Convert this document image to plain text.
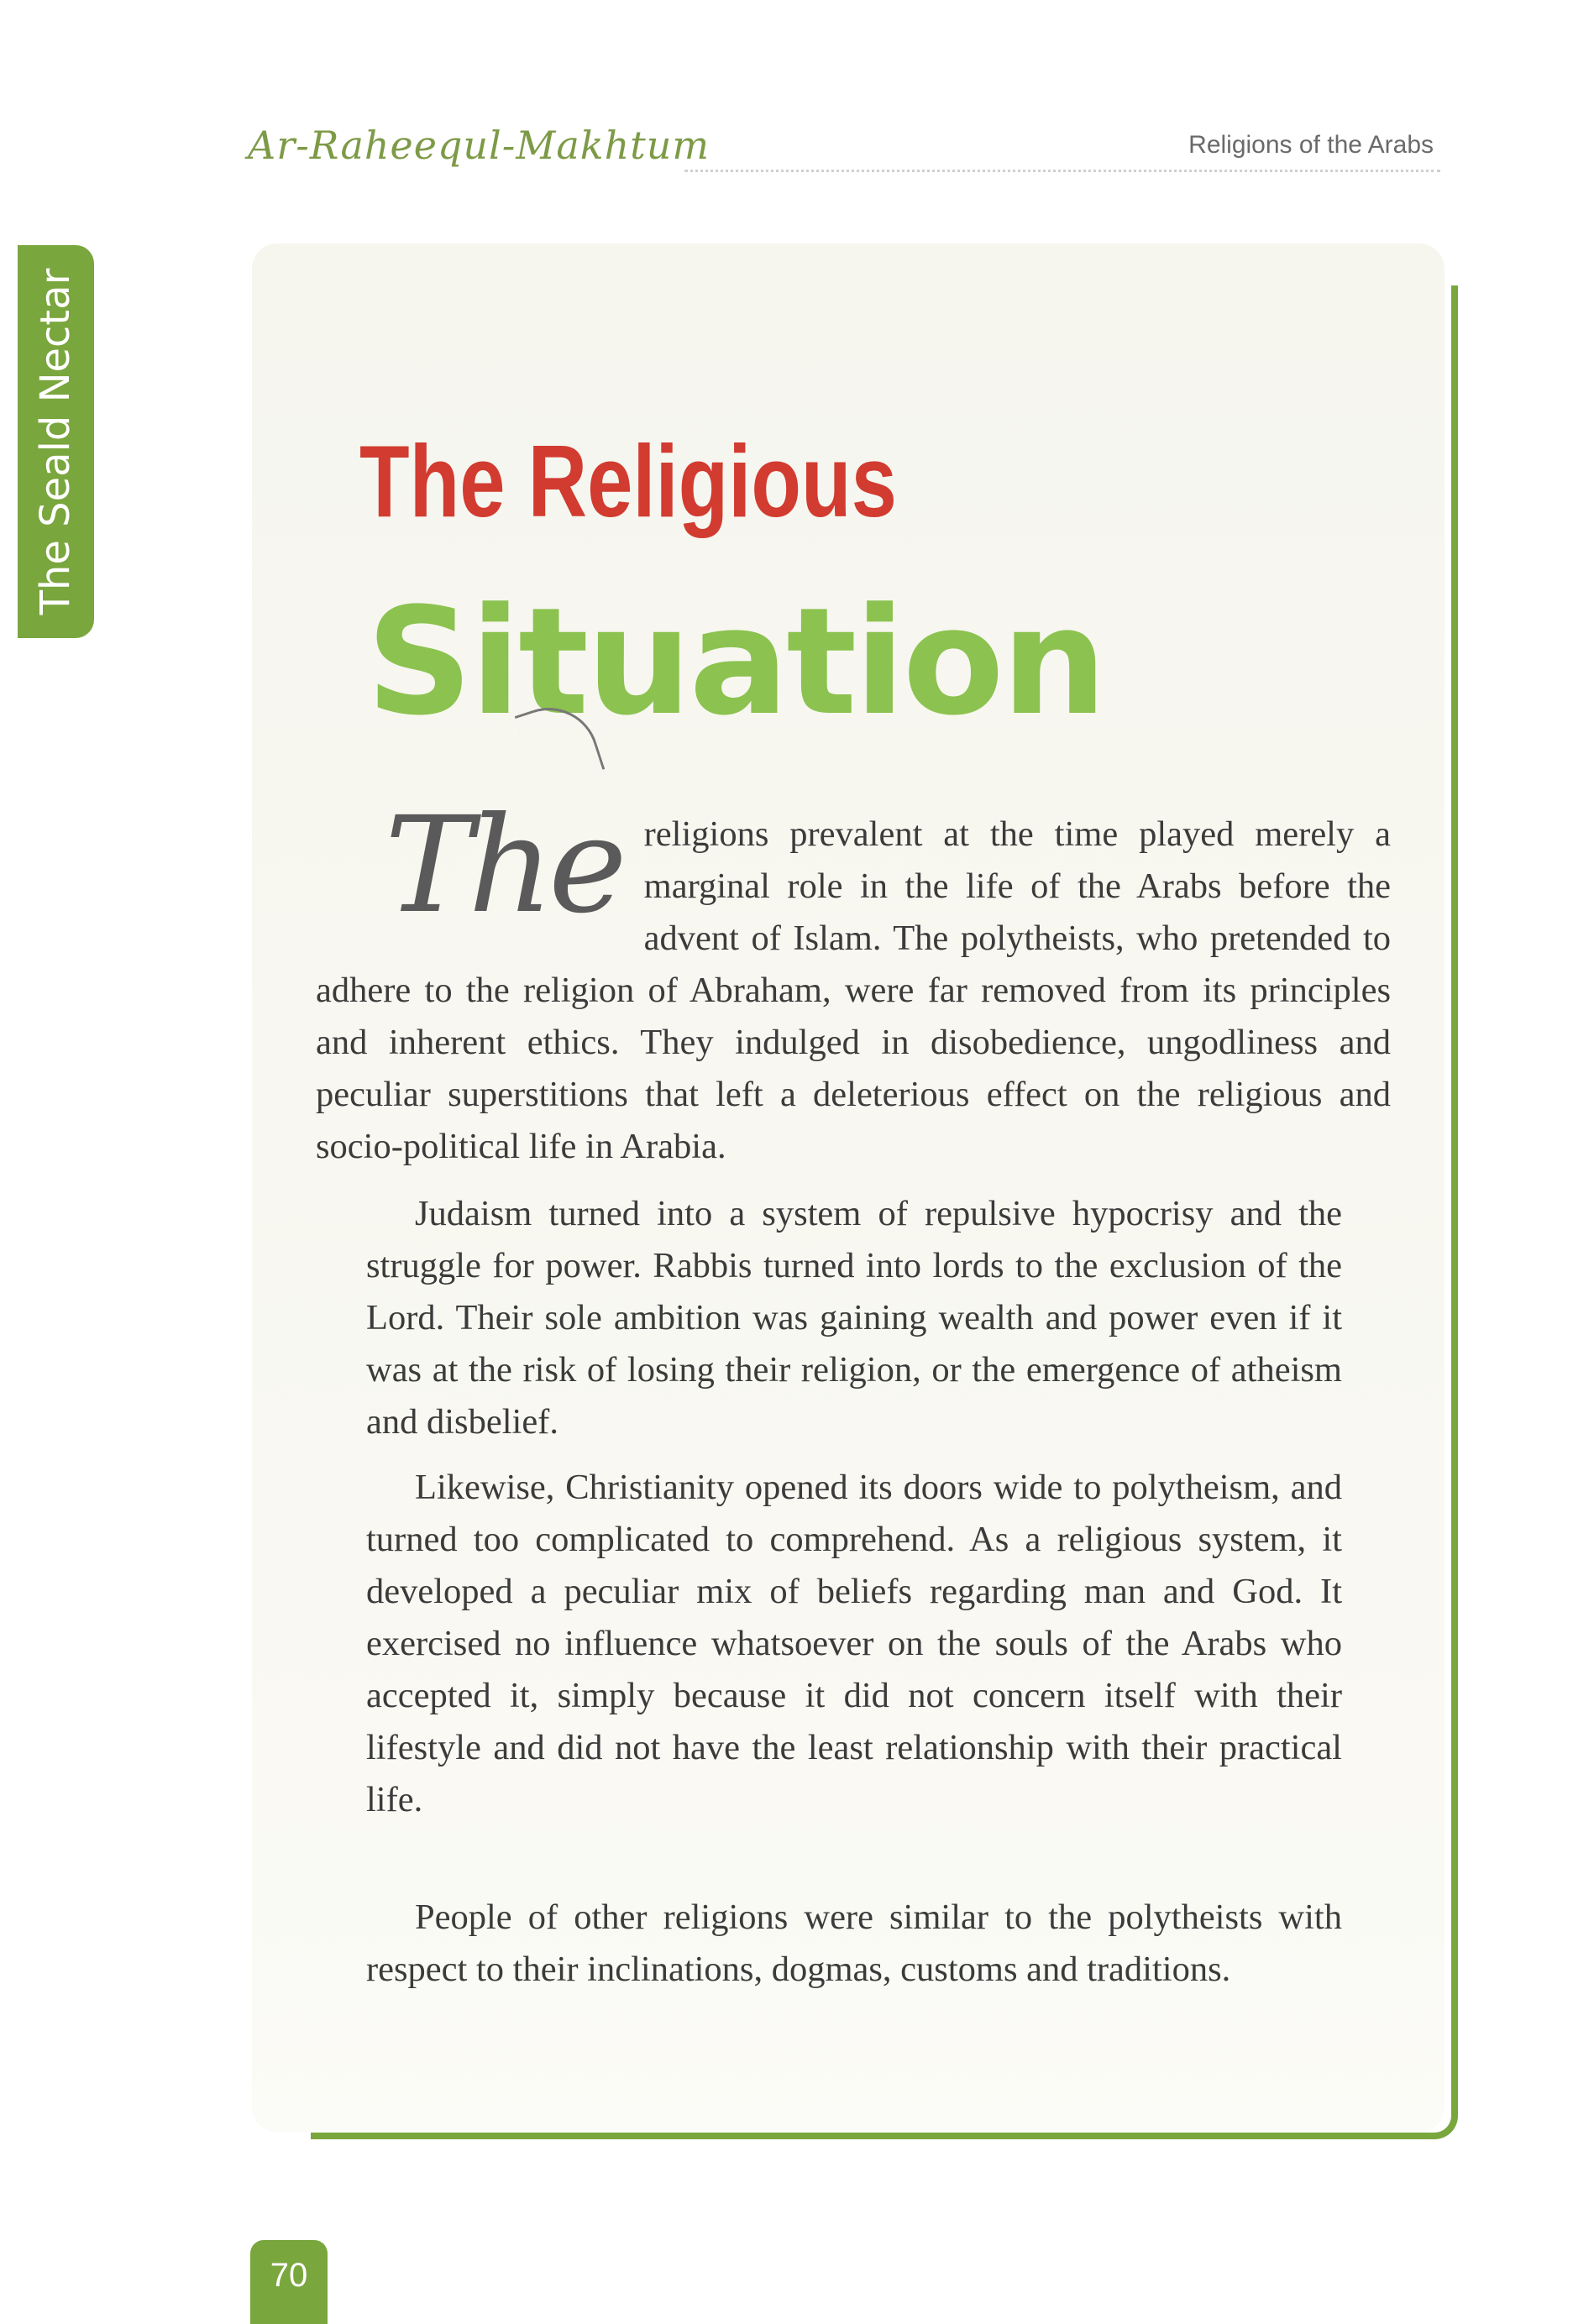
Ar-Raheequl-Makhtum	Religions of the Arabs
The Seald Nectar	The Religious
Situation

The religions prevalent at the time played merely a marginal role in the life of the Arabs before the advent of Islam. The polytheists, who pretended to adhere to the religion of Abraham, were far removed from its principles and inherent ethics. They indulged in disobedience, ungodliness and peculiar superstitions that left a deleterious effect on the religious and socio-political life in Arabia.

Judaism turned into a system of repulsive hypocrisy and the struggle for power. Rabbis turned into lords to the exclusion of the Lord. Their sole ambition was gaining wealth and power even if it was at the risk of losing their religion, or the emergence of atheism and disbelief.

Likewise, Christianity opened its doors wide to polytheism, and turned too complicated to comprehend. As a religious system, it developed a peculiar mix of beliefs regarding man and God. It exercised no influence whatsoever on the souls of the Arabs who accepted it, simply because it did not concern itself with their lifestyle and did not have the least relationship with their practical life.

People of other religions were similar to the polytheists with respect to their inclinations, dogmas, customs and traditions.

70
